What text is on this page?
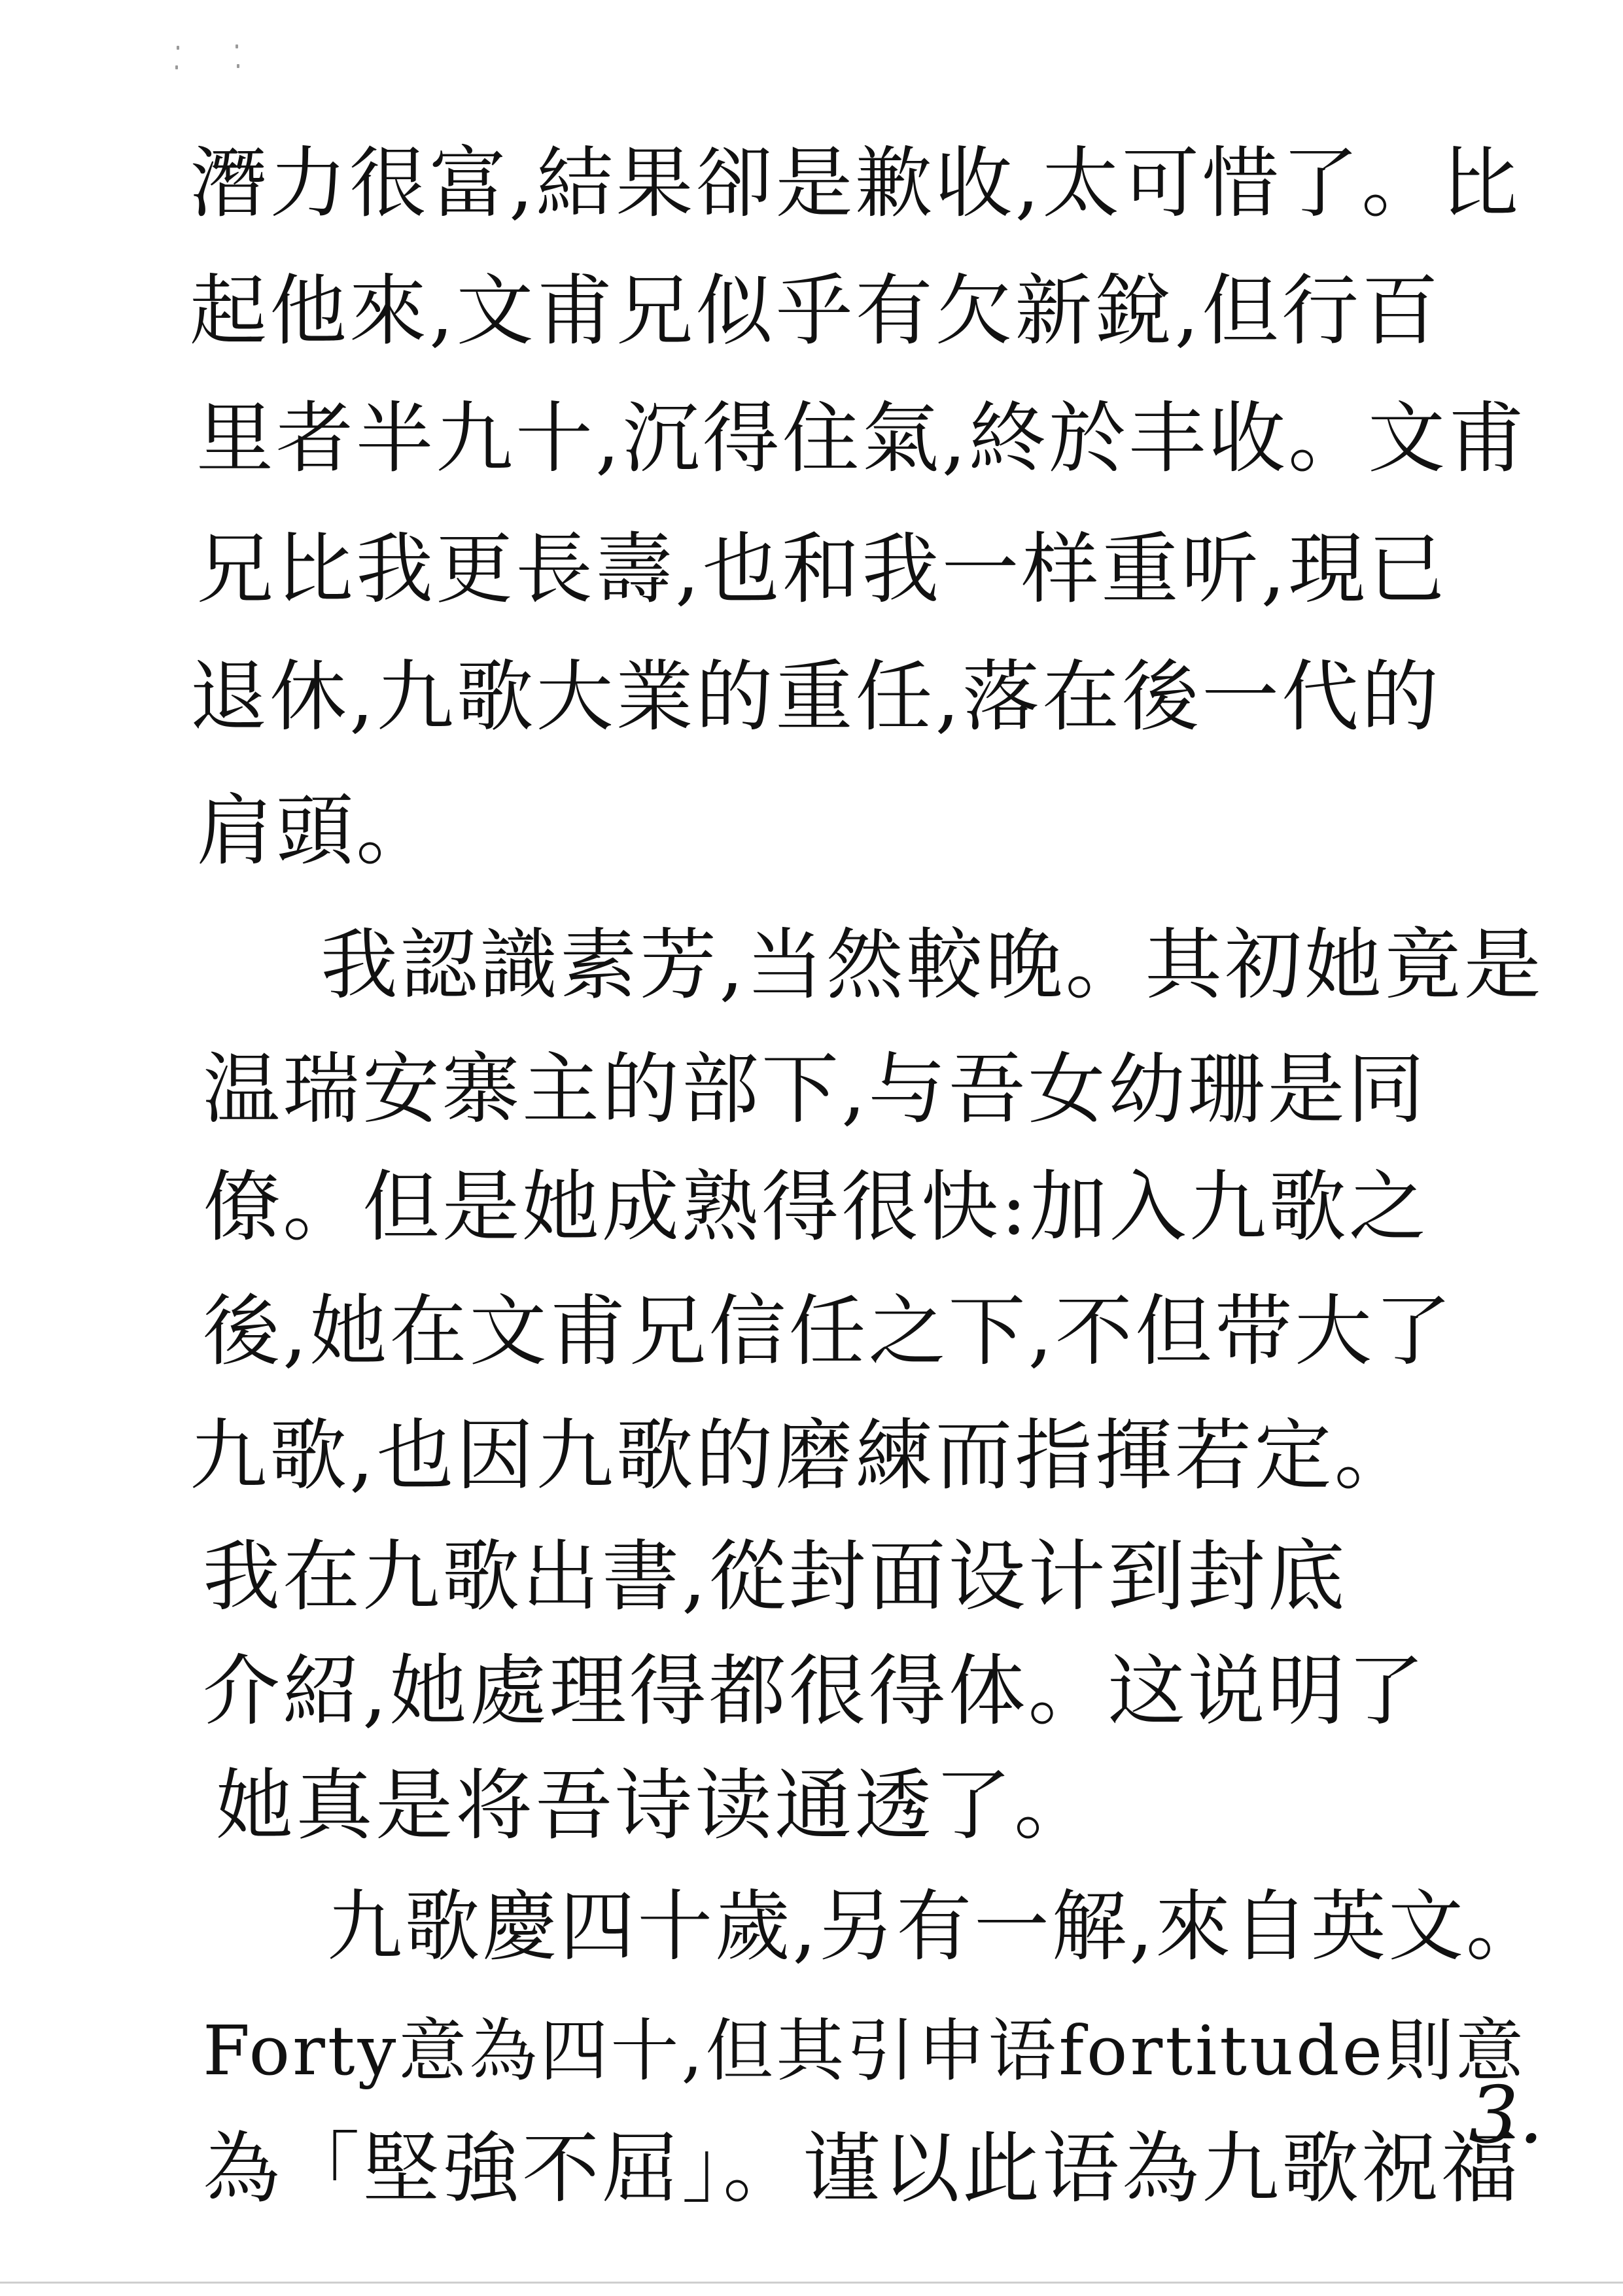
潛力很富,結果卻是歉收,太可惜了。比
起他來,文甫兄似乎有欠新銳,但行百
里者半九十,沉得住氣,終於丰收。文甫
兄比我更長壽,也和我一样重听,現已
退休,九歌大業的重任,落在後一代的
肩頭。
我認識素芳,当然較晚。其初她竟是
温瑞安寨主的部下,与吾女幼珊是同
僚。但是她成熟得很快:加入九歌之
後,她在文甫兄信任之下,不但带大了
九歌,也因九歌的磨練而指揮若定。
我在九歌出書,從封面设计到封底
介紹,她處理得都很得体。这说明了
她真是将吾诗读通透了。
九歌慶四十歲,另有一解,來自英文。
Forty意為四十,但其引申语fortitude則意
為「堅強不屈」。谨以此语為九歌祝福
3.
